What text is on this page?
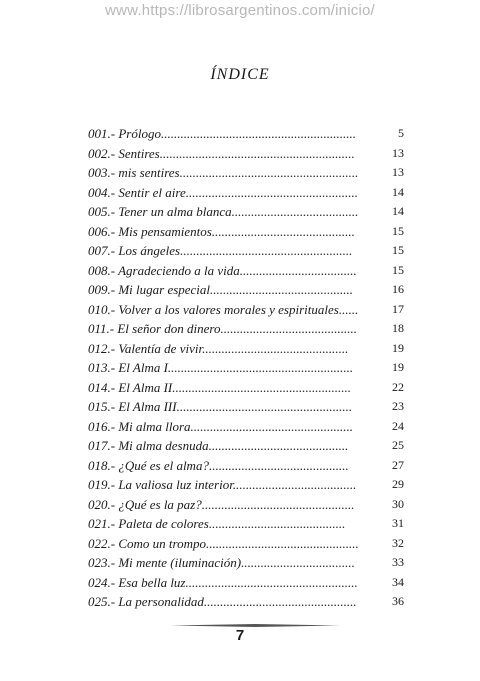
www.https://librosargentinos.com/inicio/
ÍNDICE
001.- Prólogo............................................................	5
002.- Sentires............................................................	13
003.- mis sentires.......................................................	13
004.- Sentir el aire.....................................................	14
005.- Tener un alma blanca.......................................	14
006.- Mis pensamientos............................................	15
007.- Los ángeles.....................................................	15
008.- Agradeciendo a la vida....................................	15
009.- Mi lugar especial............................................	16
010.- Volver a los valores morales y espirituales......	17
011.- El señor don dinero..........................................	18
012.- Valentía de vivir.............................................	19
013.- El Alma I.........................................................	19
014.- El Alma II.......................................................	22
015.- El Alma III......................................................	23
016.- Mi alma llora..................................................	24
017.- Mi alma desnuda...........................................	25
018.- ¿Qué es el alma?...........................................	27
019.- La valiosa luz interior......................................	29
020.- ¿Qué es la paz?...............................................	30
021.- Paleta de colores..........................................	31
022.- Como un trompo...............................................	32
023.- Mi mente (iluminación)...................................	33
024.- Esa bella luz.....................................................	34
025.- La personalidad...............................................	36
7
